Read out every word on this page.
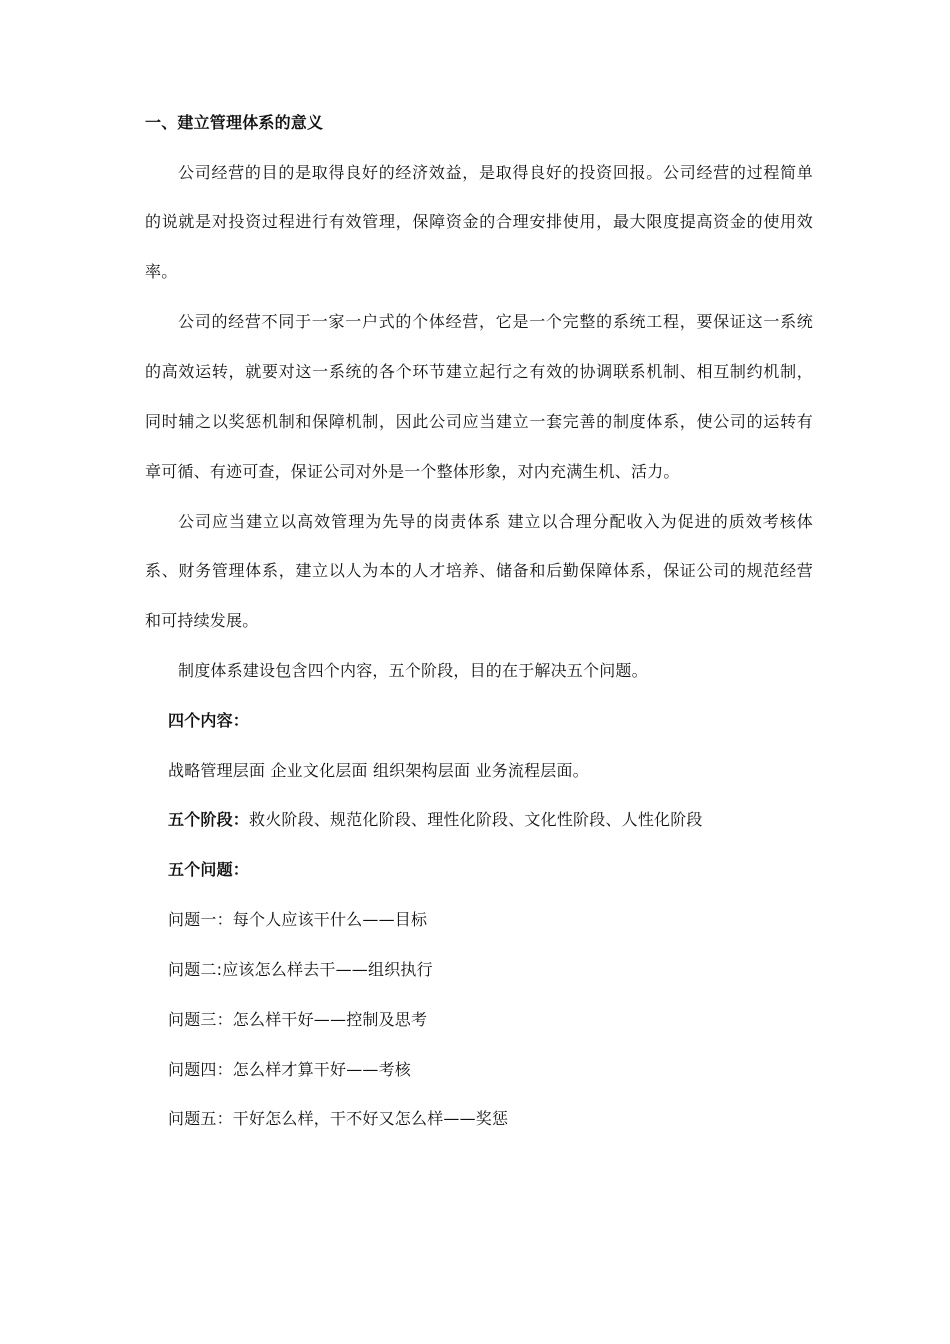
一、建立管理体系的意义
公司经营的目的是取得良好的经济效益，是取得良好的投资回报。公司经营的过程简单
的说就是对投资过程进行有效管理，保障资金的合理安排使用，最大限度提高资金的使用效
率。
公司的经营不同于一家一户式的个体经营，它是一个完整的系统工程，要保证这一系统
的高效运转，就要对这一系统的各个环节建立起行之有效的协调联系机制、相互制约机制，
同时辅之以奖惩机制和保障机制，因此公司应当建立一套完善的制度体系，使公司的运转有
章可循、有迹可查，保证公司对外是一个整体形象，对内充满生机、活力。
公司应当建立以高效管理为先导的岗责体系 建立以合理分配收入为促进的质效考核体
系、财务管理体系，建立以人为本的人才培养、储备和后勤保障体系，保证公司的规范经营
和可持续发展。
制度体系建设包含四个内容，五个阶段，目的在于解决五个问题。
四个内容：
战略管理层面 企业文化层面 组织架构层面 业务流程层面。
五个阶段：救火阶段、规范化阶段、理性化阶段、文化性阶段、人性化阶段
五个问题：
问题一：每个人应该干什么——目标
问题二:应该怎么样去干——组织执行
问题三：怎么样干好——控制及思考
问题四：怎么样才算干好——考核
问题五：干好怎么样，干不好又怎么样——奖惩
